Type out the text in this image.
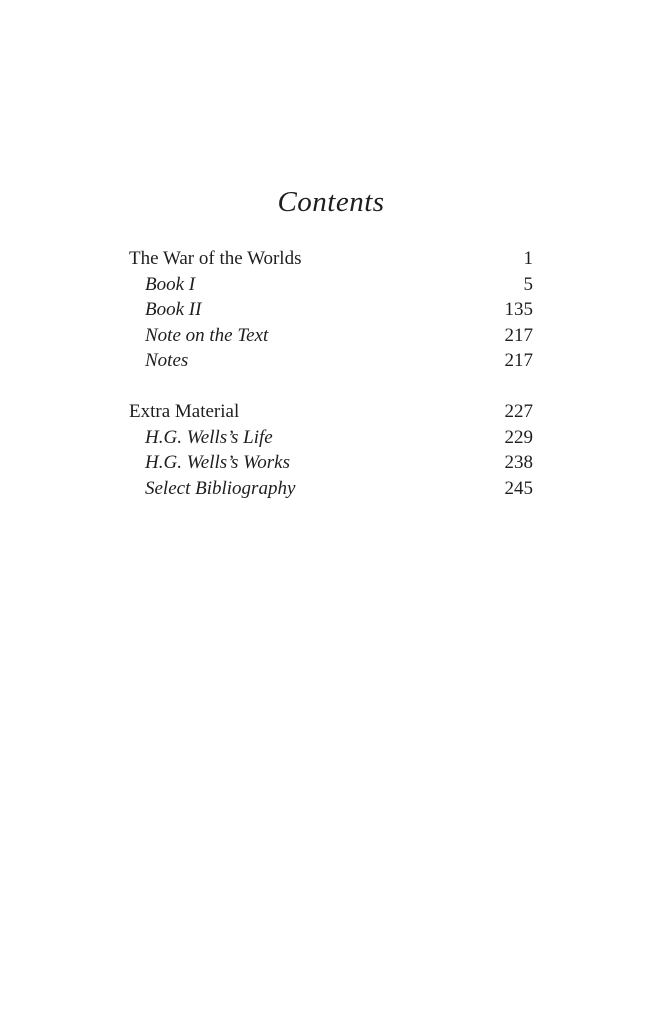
Contents
The War of the Worlds	1
Book I	5
Book II	135
Note on the Text	217
Notes	217
Extra Material	227
H.G. Wells’s Life	229
H.G. Wells’s Works	238
Select Bibliography	245
